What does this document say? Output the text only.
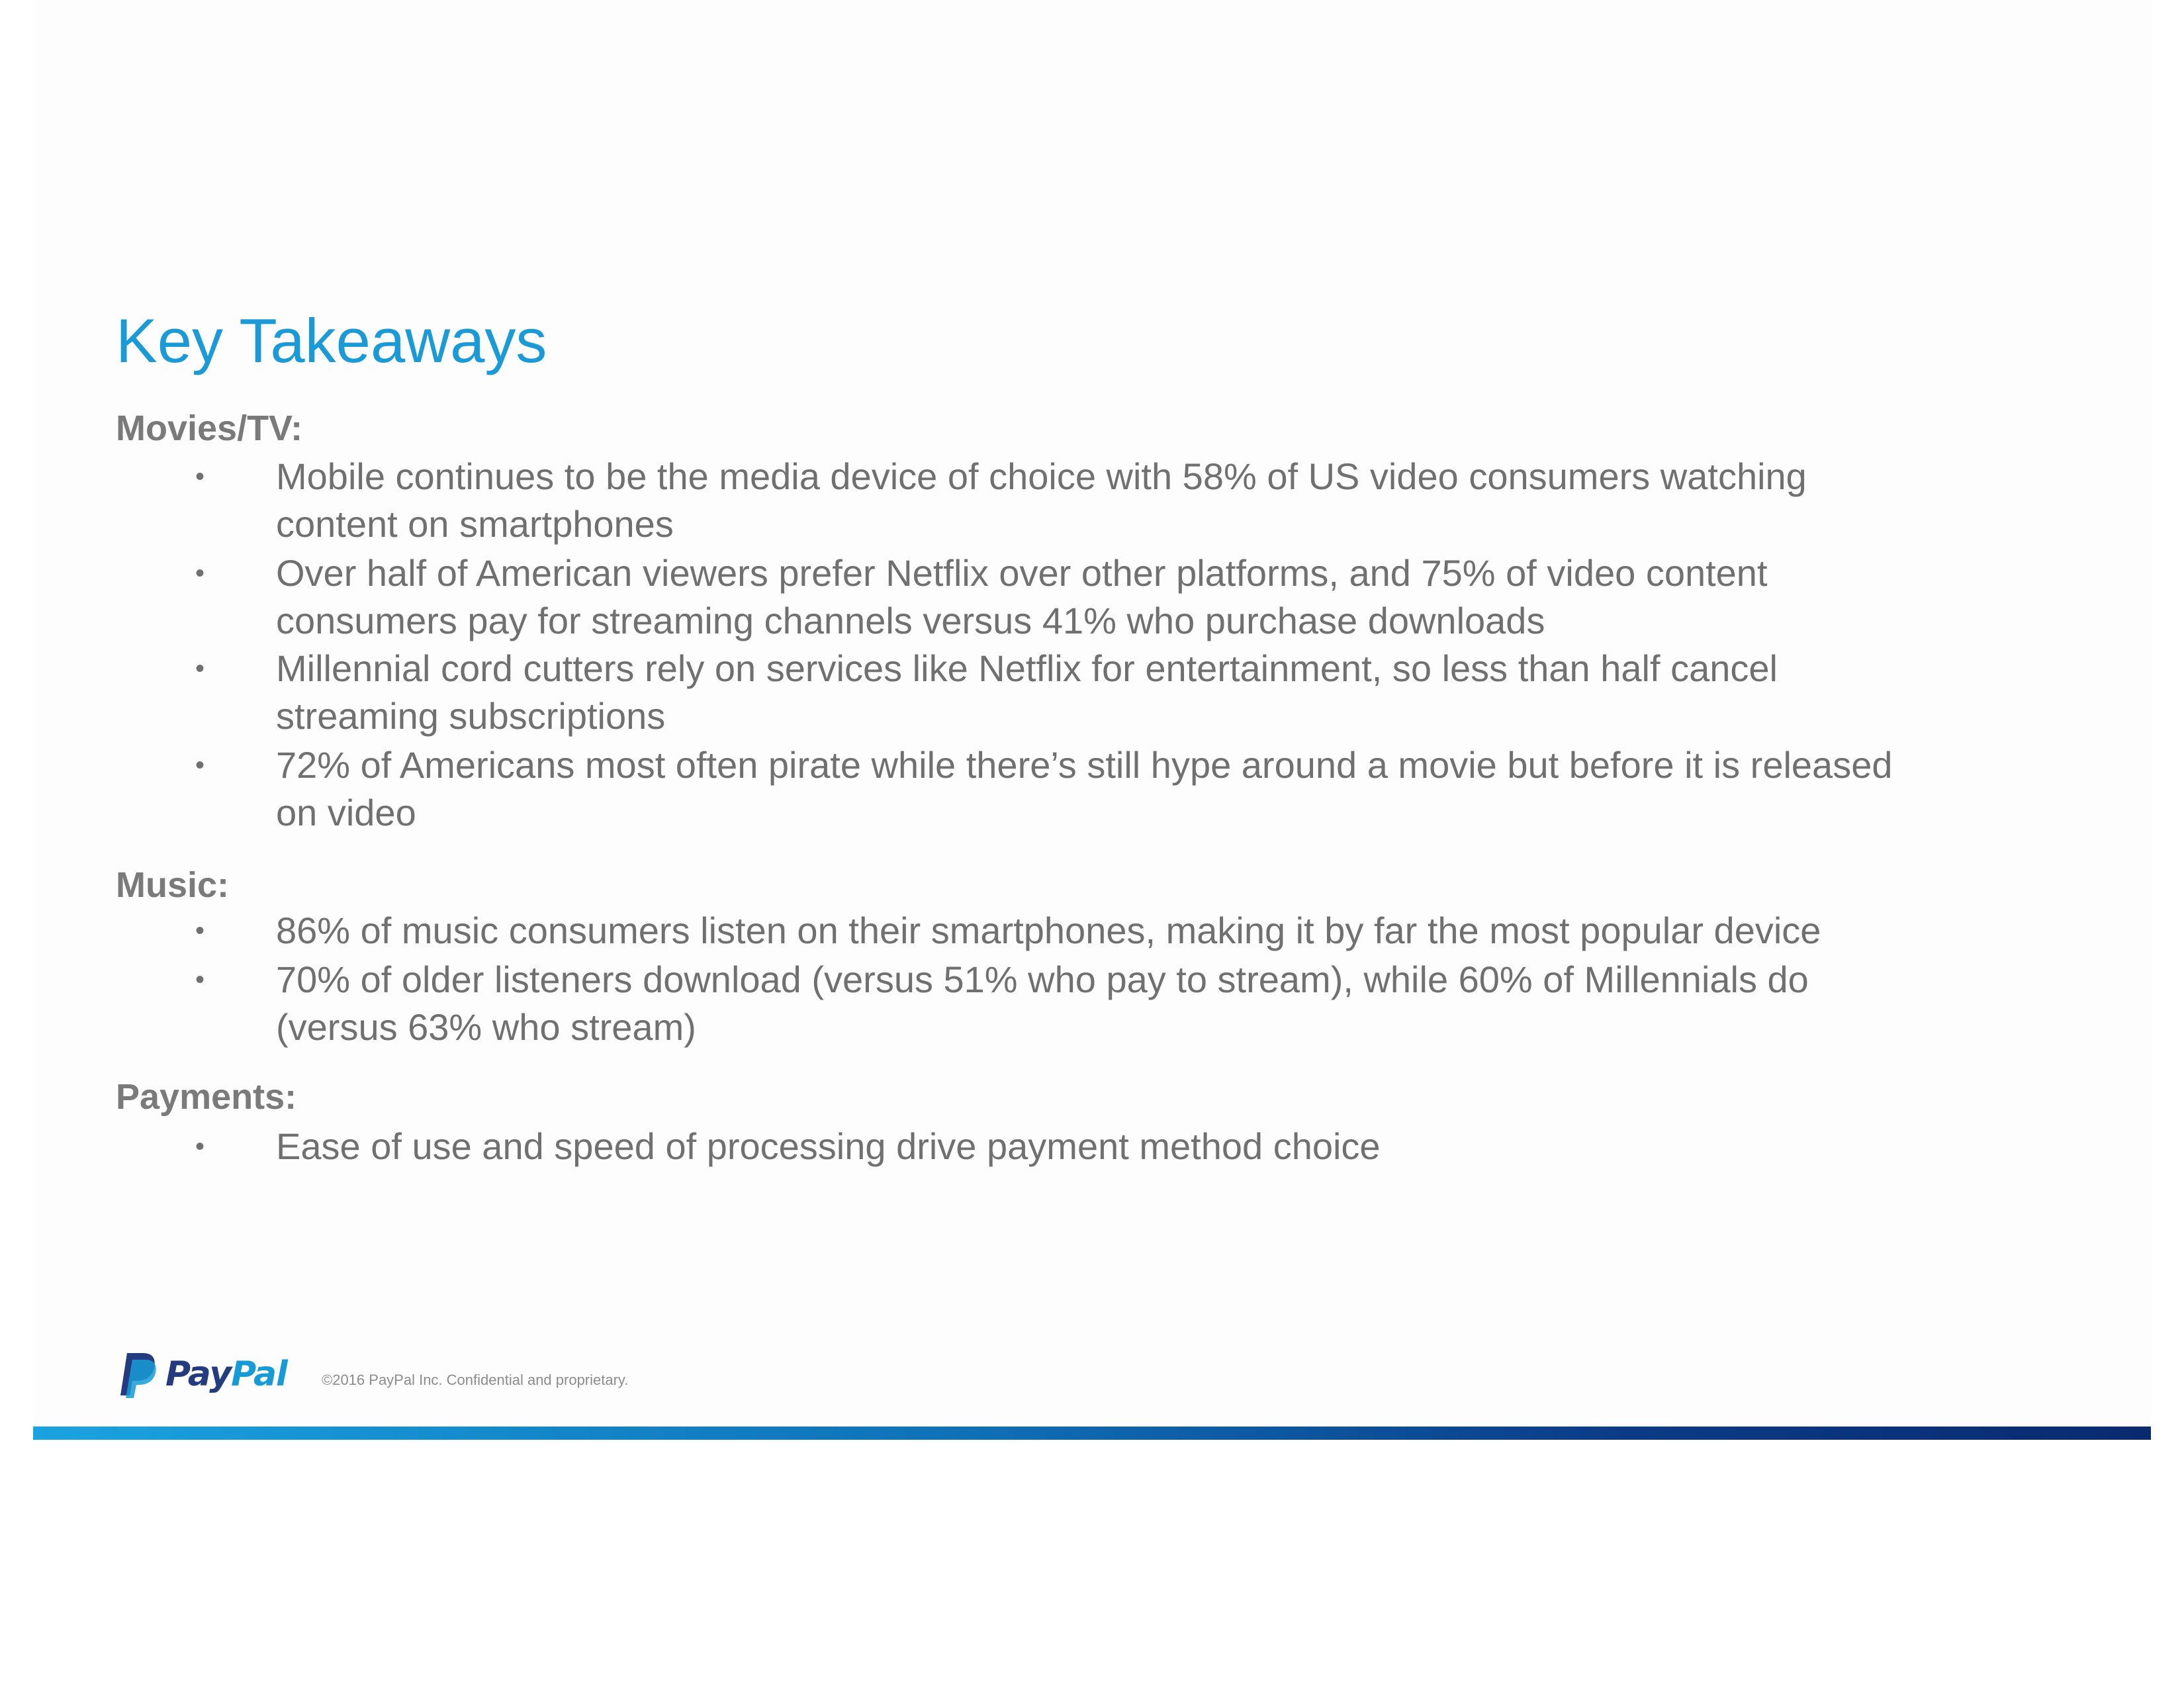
Key Takeaways
Movies/TV:
• Mobile continues to be the media device of choice with 58% of US video consumers watching
content on smartphones
• Over half of American viewers prefer Netflix over other platforms, and 75% of video content
consumers pay for streaming channels versus 41% who purchase downloads
• Millennial cord cutters rely on services like Netflix for entertainment, so less than half cancel
streaming subscriptions
• 72% of Americans most often pirate while there’s still hype around a movie but before it is released
on video
Music:
• 86% of music consumers listen on their smartphones, making it by far the most popular device
• 70% of older listeners download (versus 51% who pay to stream), while 60% of Millennials do
(versus 63% who stream)
Payments:
• Ease of use and speed of processing drive payment method choice
PayPal ©2016 PayPal Inc. Confidential and proprietary.
